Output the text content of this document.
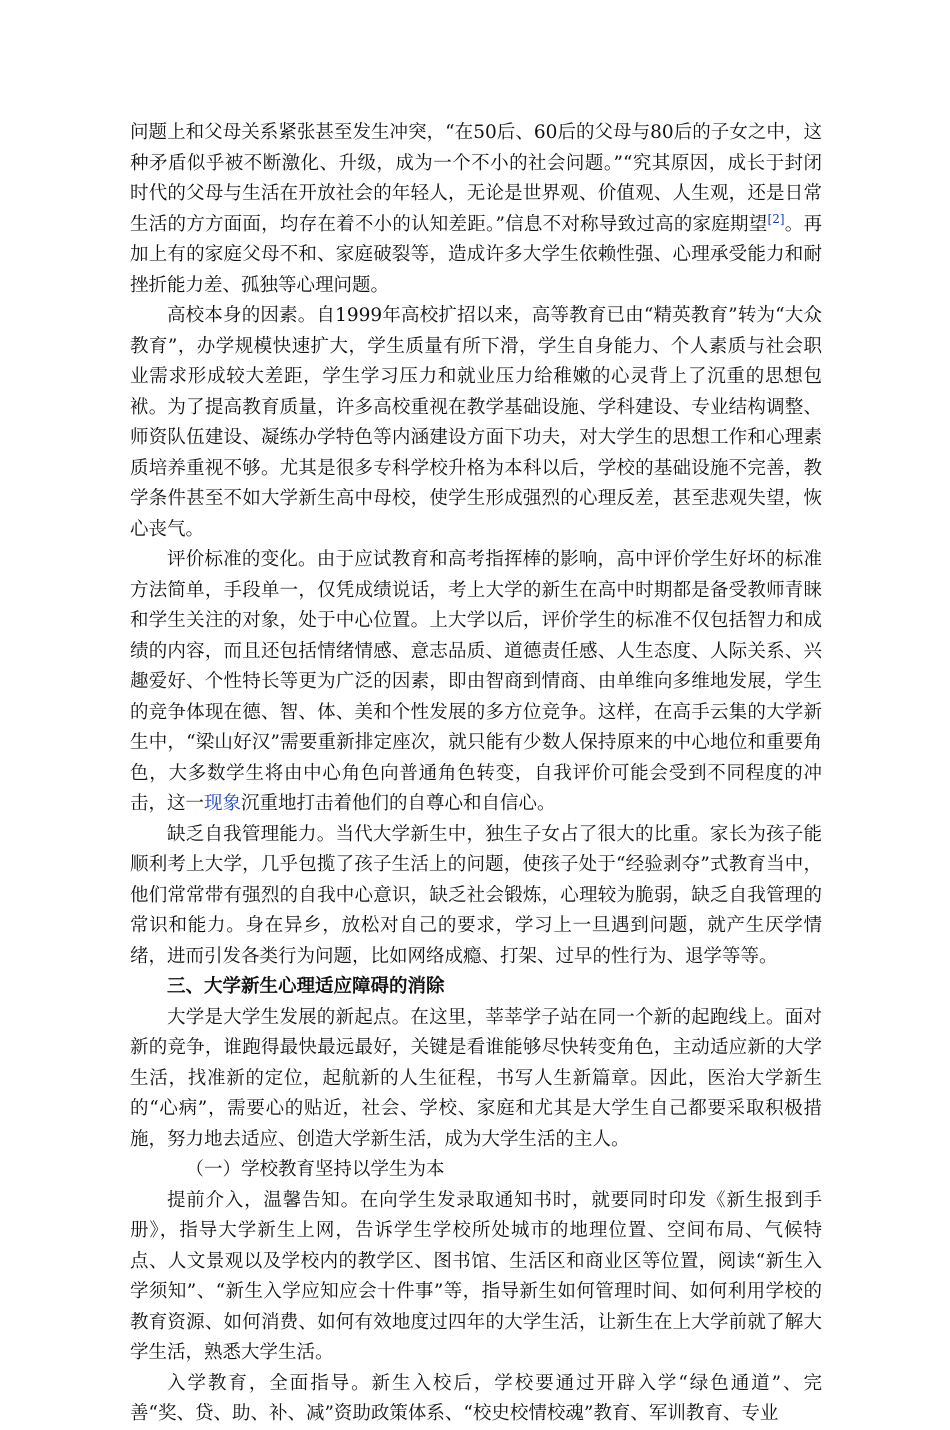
问题上和父母关系紧张甚至发生冲突，“在50后、60后的父母与80后的子女之中，这种矛盾似乎被不断激化、升级，成为一个不小的社会问题。”“究其原因，成长于封闭时代的父母与生活在开放社会的年轻人，无论是世界观、价值观、人生观，还是日常生活的方方面面，均存在着不小的认知差距。”信息不对称导致过高的家庭期望[2]。再加上有的家庭父母不和、家庭破裂等，造成许多大学生依赖性强、心理承受能力和耐挫折能力差、孤独等心理问题。

高校本身的因素。自1999年高校扩招以来，高等教育已由“精英教育”转为“大众教育”，办学规模快速扩大，学生质量有所下滑，学生自身能力、个人素质与社会职业需求形成较大差距，学生学习压力和就业压力给稚嫩的心灵背上了沉重的思想包袱。为了提高教育质量，许多高校重视在教学基础设施、学科建设、专业结构调整、师资队伍建设、凝练办学特色等内涵建设方面下功夫，对大学生的思想工作和心理素质培养重视不够。尤其是很多专科学校升格为本科以后，学校的基础设施不完善，教学条件甚至不如大学新生高中母校，使学生形成强烈的心理反差，甚至悲观失望，恢心丧气。

评价标准的变化。由于应试教育和高考指挥棒的影响，高中评价学生好坏的标准方法简单，手段单一，仅凭成绩说话，考上大学的新生在高中时期都是备受教师青睐和学生关注的对象，处于中心位置。上大学以后，评价学生的标准不仅包括智力和成绩的内容，而且还包括情绪情感、意志品质、道德责任感、人生态度、人际关系、兴趣爱好、个性特长等更为广泛的因素，即由智商到情商、由单维向多维地发展，学生的竞争体现在德、智、体、美和个性发展的多方位竞争。这样，在高手云集的大学新生中，“梁山好汉”需要重新排定座次，就只能有少数人保持原来的中心地位和重要角色，大多数学生将由中心角色向普通角色转变，自我评价可能会受到不同程度的冲击，这一现象沉重地打击着他们的自尊心和自信心。

缺乏自我管理能力。当代大学新生中，独生子女占了很大的比重。家长为孩子能顺利考上大学，几乎包揽了孩子生活上的问题，使孩子处于“经验剥夺”式教育当中，他们常常带有强烈的自我中心意识，缺乏社会锻炼，心理较为脆弱，缺乏自我管理的常识和能力。身在异乡，放松对自己的要求，学习上一旦遇到问题，就产生厌学情绪，进而引发各类行为问题，比如网络成瘾、打架、过早的性行为、退学等等。

三、大学新生心理适应障碍的消除

大学是大学生发展的新起点。在这里，莘莘学子站在同一个新的起跑线上。面对新的竞争，谁跑得最快最远最好，关键是看谁能够尽快转变角色，主动适应新的大学生活，找准新的定位，起航新的人生征程，书写人生新篇章。因此，医治大学新生的“心病”，需要心的贴近，社会、学校、家庭和尤其是大学生自己都要采取积极措施，努力地去适应、创造大学新生活，成为大学生活的主人。

（一）学校教育坚持以学生为本

提前介入，温馨告知。在向学生发录取通知书时，就要同时印发《新生报到手册》，指导大学新生上网，告诉学生学校所处城市的地理位置、空间布局、气候特点、人文景观以及学校内的教学区、图书馆、生活区和商业区等位置，阅读“新生入学须知”、“新生入学应知应会十件事”等，指导新生如何管理时间、如何利用学校的教育资源、如何消费、如何有效地度过四年的大学生活，让新生在上大学前就了解大学生活，熟悉大学生活。

入学教育，全面指导。新生入校后，学校要通过开辟入学“绿色通道”、完善“奖、贷、助、补、减”资助政策体系、“校史校情校魂”教育、军训教育、专业
